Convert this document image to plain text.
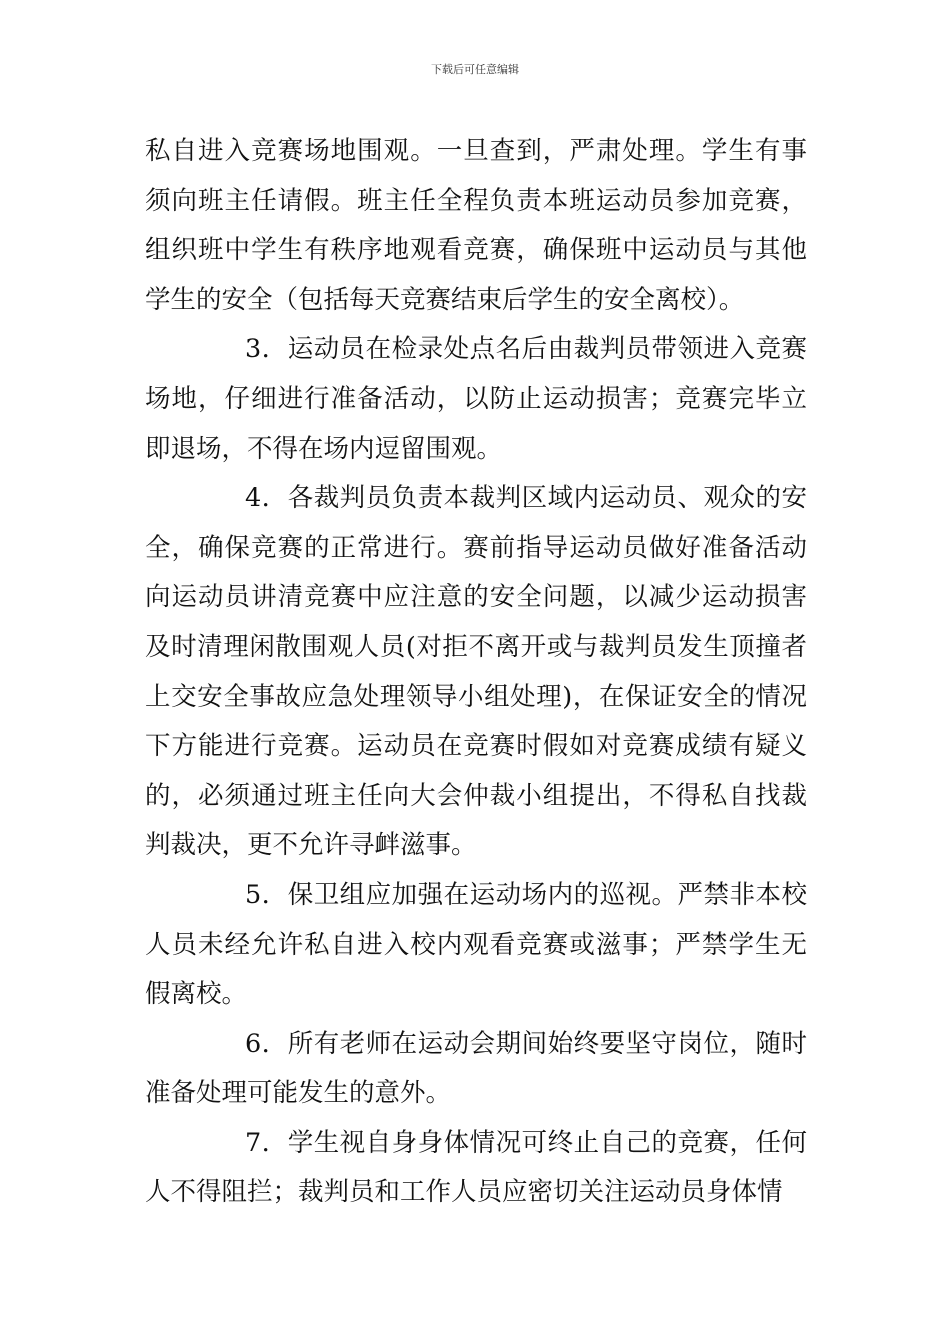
下载后可任意编辑

私自进入竞赛场地围观。一旦查到，严肃处理。学生有事须向班主任请假。班主任全程负责本班运动员参加竞赛，组织班中学生有秩序地观看竞赛，确保班中运动员与其他学生的安全（包括每天竞赛结束后学生的安全离校）。

3．运动员在检录处点名后由裁判员带领进入竞赛场地，仔细进行准备活动，以防止运动损害；竞赛完毕立即退场，不得在场内逗留围观。

4．各裁判员负责本裁判区域内运动员、观众的安全，确保竞赛的正常进行。赛前指导运动员做好准备活动向运动员讲清竞赛中应注意的安全问题，以减少运动损害及时清理闲散围观人员(对拒不离开或与裁判员发生顶撞者上交安全事故应急处理领导小组处理)，在保证安全的情况下方能进行竞赛。运动员在竞赛时假如对竞赛成绩有疑义的，必须通过班主任向大会仲裁小组提出，不得私自找裁判裁决，更不允许寻衅滋事。

5．保卫组应加强在运动场内的巡视。严禁非本校人员未经允许私自进入校内观看竞赛或滋事；严禁学生无假离校。

6．所有老师在运动会期间始终要坚守岗位，随时准备处理可能发生的意外。

7．学生视自身身体情况可终止自己的竞赛，任何人不得阻拦；裁判员和工作人员应密切关注运动员身体情
